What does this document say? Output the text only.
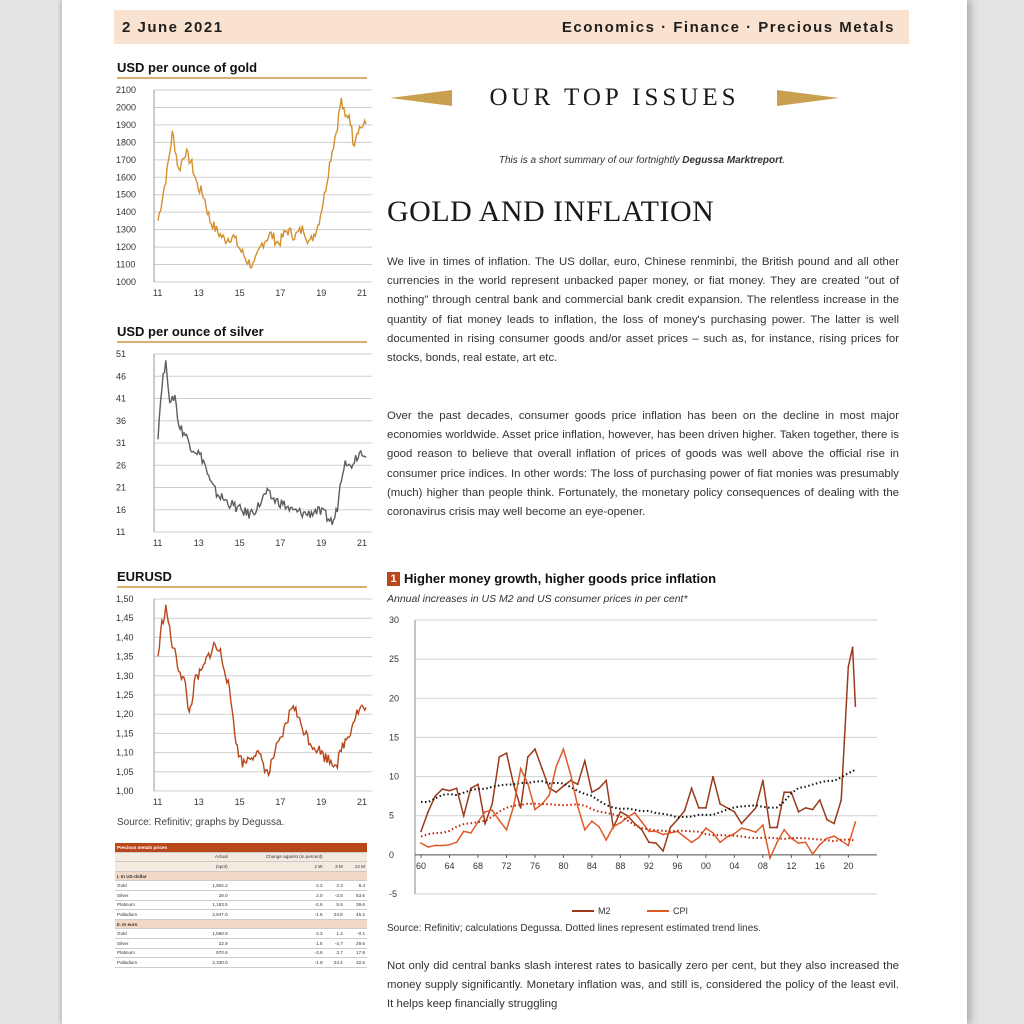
2 June 2021	Economics · Finance · Precious Metals
USD per ounce of gold
2100
2000
1900
1800
1700
1600
1500
1400
1300
1200
1100
1000
11	13	15	17	19	21
USD per ounce of silver
51
46
41
36
31
26
21
16
11
11	13	15	17	19	21
EURUSD
1,50
1,45
1,40
1,35
1,30
1,25
1,20
1,15
1,10
1,05
1,00
11	13	15	17	19	21
Source: Refinitiv; graphs by Degussa.
Precious metals prices				
	Actual	Change against (in percent)		
	(spot)	2 W	3 M	12 M
I. In US-dollar				
Gold	1,902.2	2.2	2.3	8.4
Silver	28.0	2.0	-3.5	53.6
Platinum	1,183.5	-2.6	5.5	39.6
Palladium	2,847.0	-1.6	24.8	45.2
II. In euro				
Gold	1,560.9	2.3	1.2	-0.1
Silver	22.9	1.5	-4.7	29.6
Platinum	970.6	-3.6	3.7	17.8
Palladium	2,330.0	-1.9	23.4	32.6
OUR TOP ISSUES
This is a short summary of our fortnightly Degussa Marktreport.
GOLD AND INFLATION

We live in times of inflation. The US dollar, euro, Chinese renminbi, the British pound and all other currencies in the world represent unbacked paper money, or fiat money. They are created "out of nothing" through central bank and commercial bank credit expansion. The relentless increase in the quantity of fiat money leads to inflation, the loss of money's purchasing power. The latter is well documented in rising consumer goods and/or asset prices – such as, for instance, rising prices for stocks, bonds, real estate, art etc.

Over the past decades, consumer goods price inflation has been on the decline in most major economies worldwide. Asset price inflation, however, has been driven higher. Taken together, there is good reason to believe that overall inflation of prices of goods was well above the official rise in consumer price indices. In other words: The loss of purchasing power of fiat monies was presumably (much) higher than people think. Fortunately, the monetary policy consequences of dealing with the coronavirus crisis may well become an eye-opener.

1 Higher money growth, higher goods price inflation
Annual increases in US M2 and US consumer prices in per cent*
30
25
20
15
10
5
0
-5
60 64 68 72 76 80 84 88 92 96 00 04 08 12 16 20
M2	CPI
Source: Refinitiv; calculations Degussa. Dotted lines represent estimated trend lines.

Not only did central banks slash interest rates to basically zero per cent, but they also increased the money supply significantly. Monetary inflation was, and still is, considered the policy of the least evil. It helps keep financially struggling
